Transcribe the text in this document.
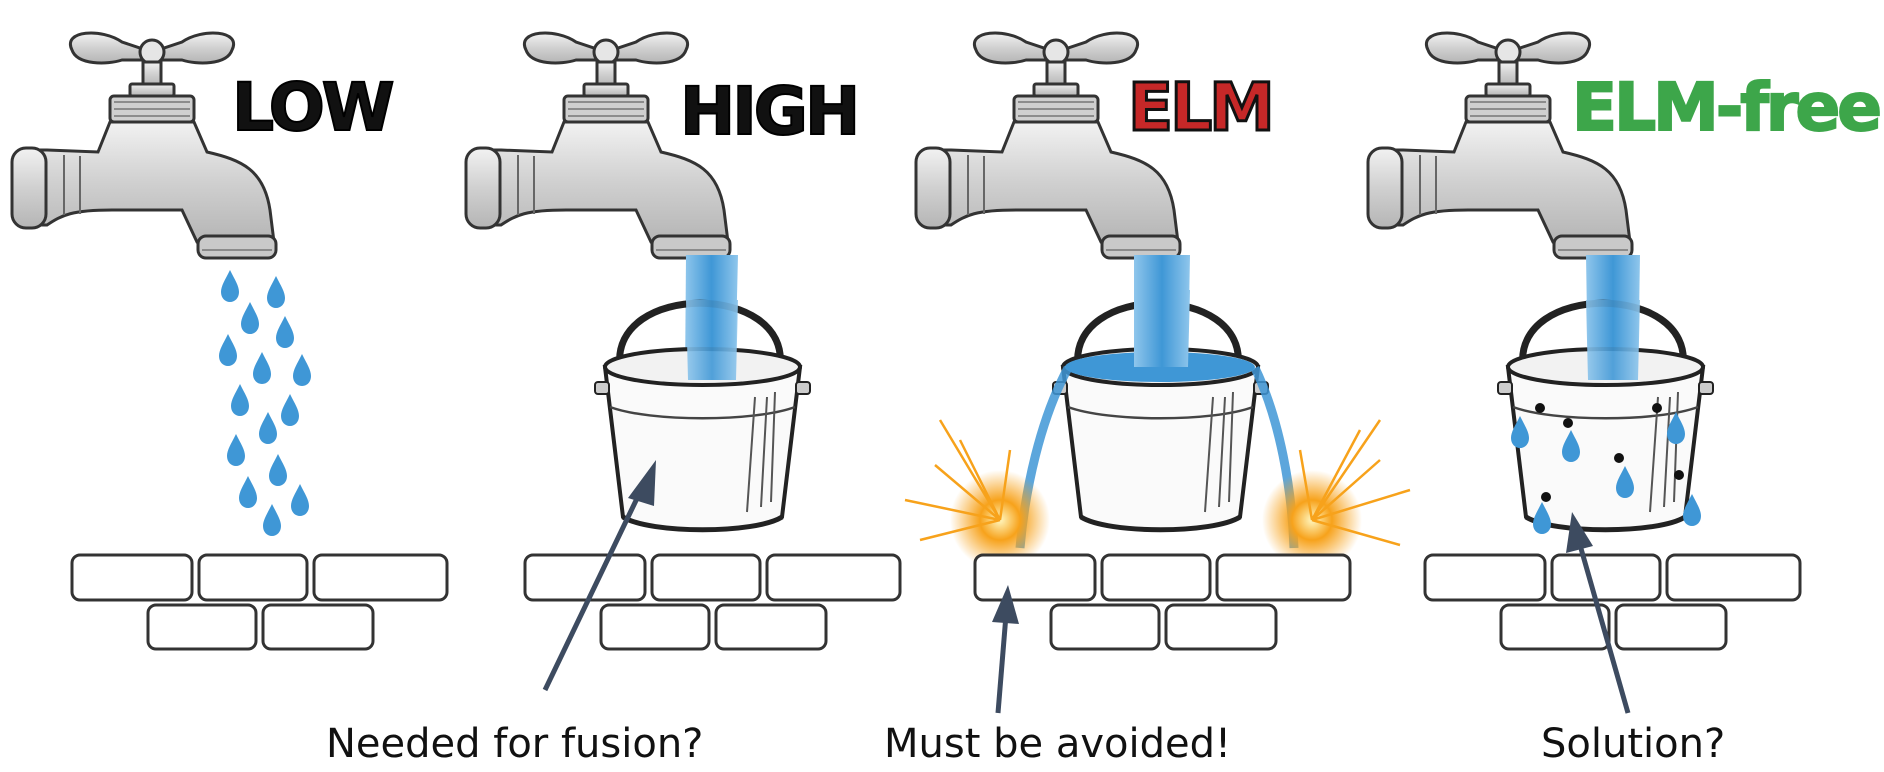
LOW	HIGH	ELM	ELM-free
Needed for fusion?	Must be avoided!	Solution?
